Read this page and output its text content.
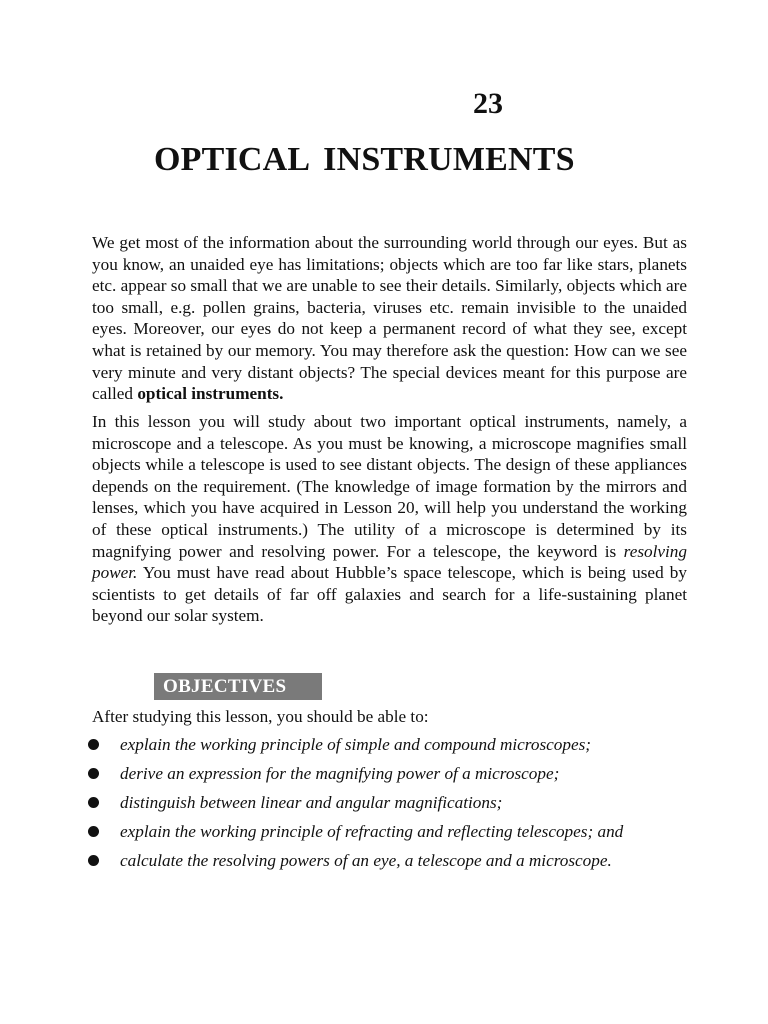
23
OPTICAL INSTRUMENTS

We get most of the information about the surrounding world through our eyes. But as you know, an unaided eye has limitations; objects which are too far like stars, planets etc. appear so small that we are unable to see their details. Similarly, objects which are too small, e.g. pollen grains, bacteria, viruses etc. remain invisible to the unaided eyes. Moreover, our eyes do not keep a permanent record of what they see, except what is retained by our memory. You may therefore ask the question: How can we see very minute and very distant objects? The special devices meant for this purpose are called optical instruments.

In this lesson you will study about two important optical instruments, namely, a microscope and a telescope. As you must be knowing, a microscope magnifies small objects while a telescope is used to see distant objects. The design of these appliances depends on the requirement. (The knowledge of image formation by the mirrors and lenses, which you have acquired in Lesson 20, will help you understand the working of these optical instruments.) The utility of a microscope is determined by its magnifying power and resolving power. For a telescope, the keyword is resolving power. You must have read about Hubble’s space telescope, which is being used by scientists to get details of far off galaxies and search for a life-sustaining planet beyond our solar system.

OBJECTIVES
After studying this lesson, you should be able to:
explain the working principle of simple and compound microscopes;
derive an expression for the magnifying power of a microscope;
distinguish between linear and angular magnifications;
explain the working principle of refracting and reflecting telescopes; and
calculate the resolving powers of an eye, a telescope and a microscope.
